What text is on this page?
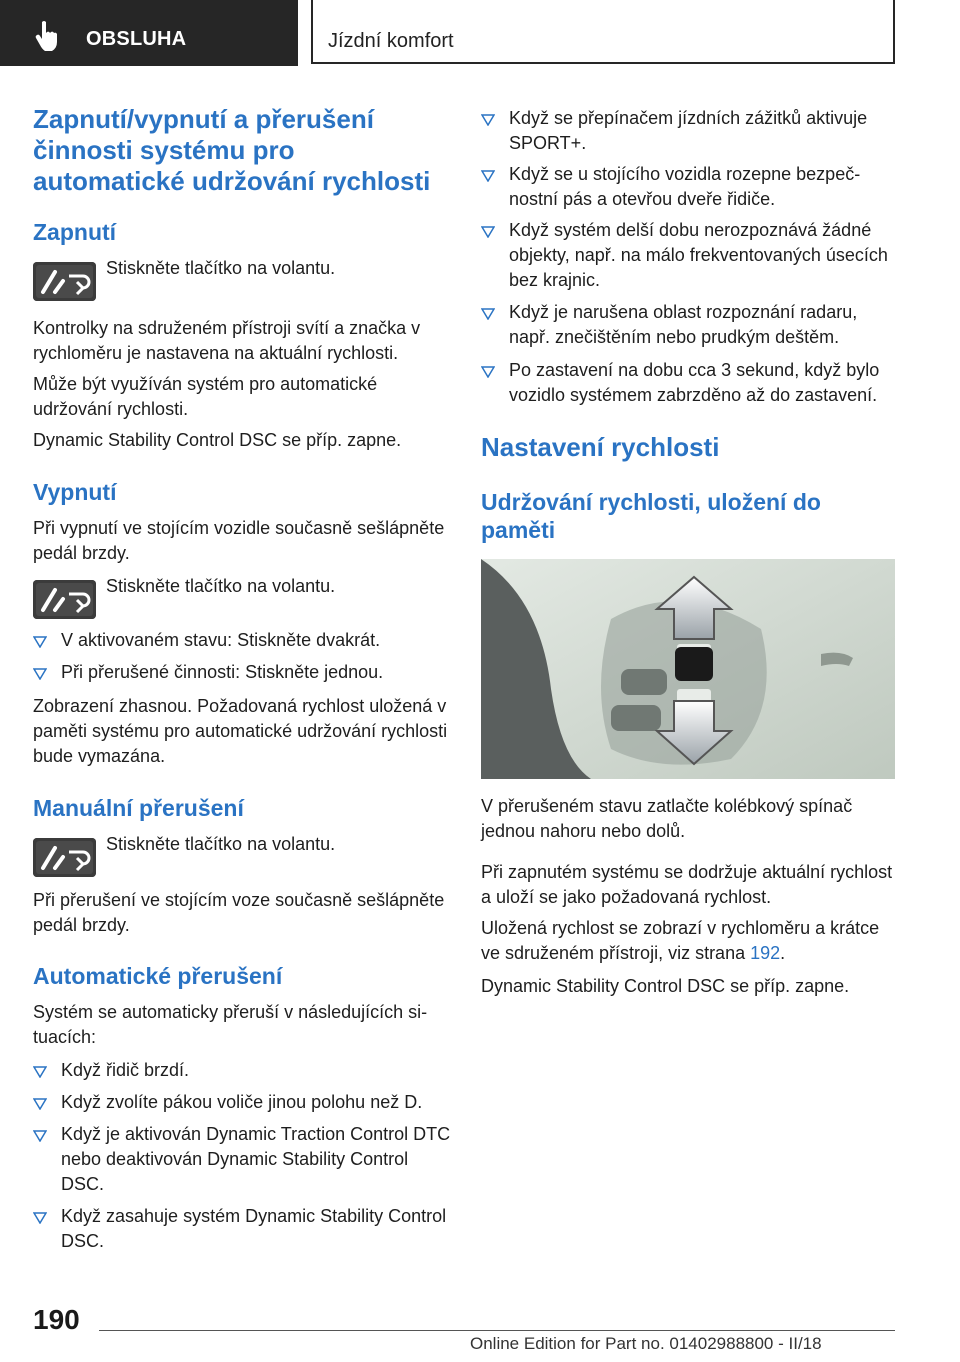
OBSLUHA	Jízdní komfort
Zapnutí/vypnutí a přerušení činnosti systému pro automatické udržování rychlosti
Zapnutí
Stiskněte tlačítko na volantu.
Kontrolky na sdruženém přístroji svítí a značka v rychloměru je nastavena na aktuální rychlosti.
Může být využíván systém pro automatické udržování rychlosti.
Dynamic Stability Control DSC se příp. zapne.
Vypnutí
Při vypnutí ve stojícím vozidle současně sešlápněte pedál brzdy.
Stiskněte tlačítko na volantu.
V aktivovaném stavu: Stiskněte dvakrát.
Při přerušené činnosti: Stiskněte jednou.
Zobrazení zhasnou. Požadovaná rychlost uložená v paměti systému pro automatické udržování rychlosti bude vymazána.
Manuální přerušení
Stiskněte tlačítko na volantu.
Při přerušení ve stojícím voze současně sešlápněte pedál brzdy.
Automatické přerušení
Systém se automaticky přeruší v následujících situacích:
Když řidič brzdí.
Když zvolíte pákou voliče jinou polohu než D.
Když je aktivován Dynamic Traction Control DTC nebo deaktivován Dynamic Stability Control DSC.
Když zasahuje systém Dynamic Stability Control DSC.
Když se přepínačem jízdních zážitků aktivuje SPORT+.
Když se u stojícího vozidla rozepne bezpečnostní pás a otevřou dveře řidiče.
Když systém delší dobu nerozpoznává žádné objekty, např. na málo frekventovaných úsecích bez krajnic.
Když je narušena oblast rozpoznání radaru, např. znečištěním nebo prudkým deštěm.
Po zastavení na dobu cca 3 sekund, když bylo vozidlo systémem zabrzděno až do zastavení.
Nastavení rychlosti
Udržování rychlosti, uložení do paměti
V přerušeném stavu zatlačte kolébkový spínač jednou nahoru nebo dolů.
Při zapnutém systému se dodržuje aktuální rychlost a uloží se jako požadovaná rychlost.
Uložená rychlost se zobrazí v rychloměru a krátce ve sdruženém přístroji, viz strana 192.
Dynamic Stability Control DSC se příp. zapne.
190
Online Edition for Part no. 01402988800 - II/18
